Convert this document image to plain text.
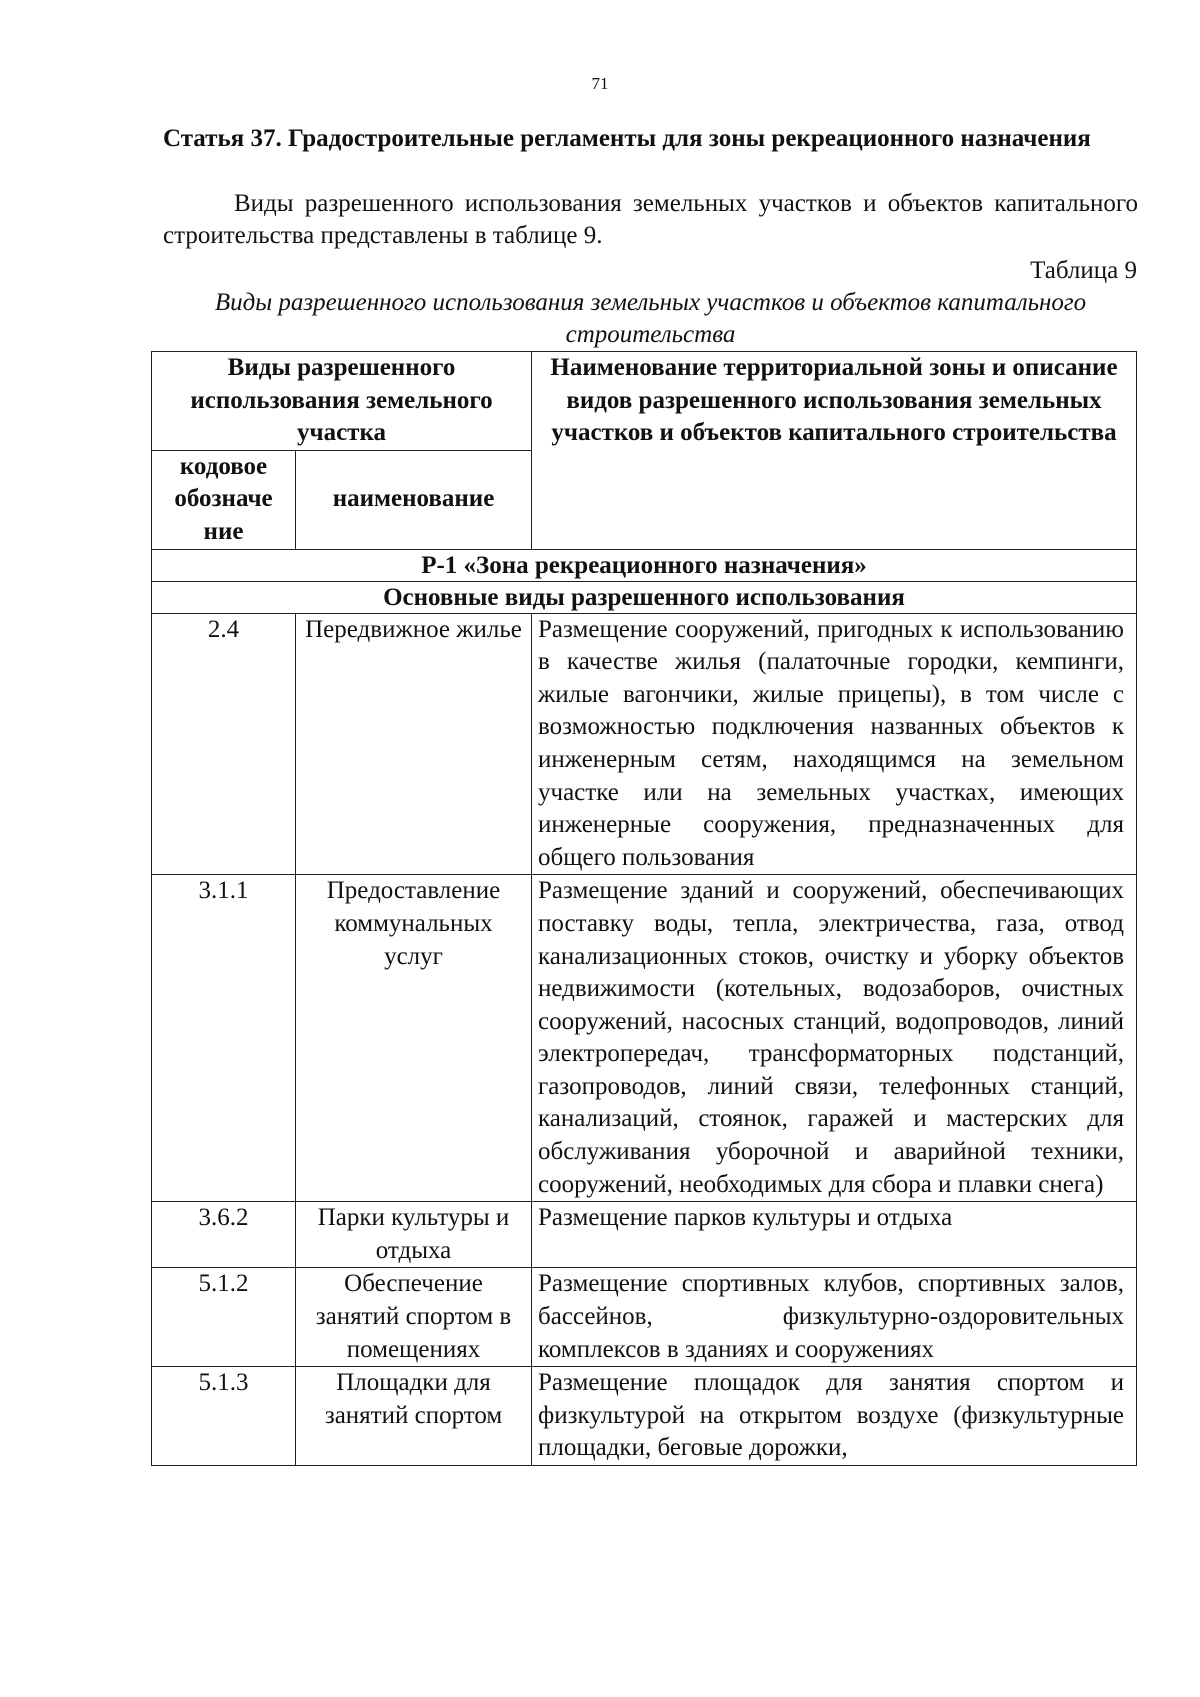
71
Статья 37. Градостроительные регламенты для зоны рекреационного назначения
Виды разрешенного использования земельных участков и объектов капитального строительства представлены в таблице 9.
Таблица 9
Виды разрешенного использования земельных участков и объектов капитального строительства
Виды разрешенного использования земельного участка		Наименование территориальной зоны и описание видов разрешенного использования земельных участков и объектов капитального строительства
кодовое обозначе ние	наименование	
Р-1 «Зона рекреационного назначения»		
Основные виды разрешенного использования		
2.4	Передвижное жилье	Размещение сооружений, пригодных к использованию в качестве жилья (палаточные городки, кемпинги, жилые вагончики, жилые прицепы), в том числе с возможностью подключения названных объектов к инженерным сетям, находящимся на земельном участке или на земельных участках, имеющих инженерные сооружения, предназначенных для общего пользования
3.1.1	Предоставление коммунальных услуг	Размещение зданий и сооружений, обеспечивающих поставку воды, тепла, электричества, газа, отвод канализационных стоков, очистку и уборку объектов недвижимости (котельных, водозаборов, очистных сооружений, насосных станций, водопроводов, линий электропередач, трансформаторных подстанций, газопроводов, линий связи, телефонных станций, канализаций, стоянок, гаражей и мастерских для обслуживания уборочной и аварийной техники, сооружений, необходимых для сбора и плавки снега)
3.6.2	Парки культуры и отдыха	Размещение парков культуры и отдыха
5.1.2	Обеспечение занятий спортом в помещениях	Размещение спортивных клубов, спортивных залов, бассейнов, физкультурно-оздоровительных комплексов в зданиях и сооружениях
5.1.3	Площадки для занятий спортом	Размещение площадок для занятия спортом и физкультурой на открытом воздухе (физкультурные площадки, беговые дорожки,
